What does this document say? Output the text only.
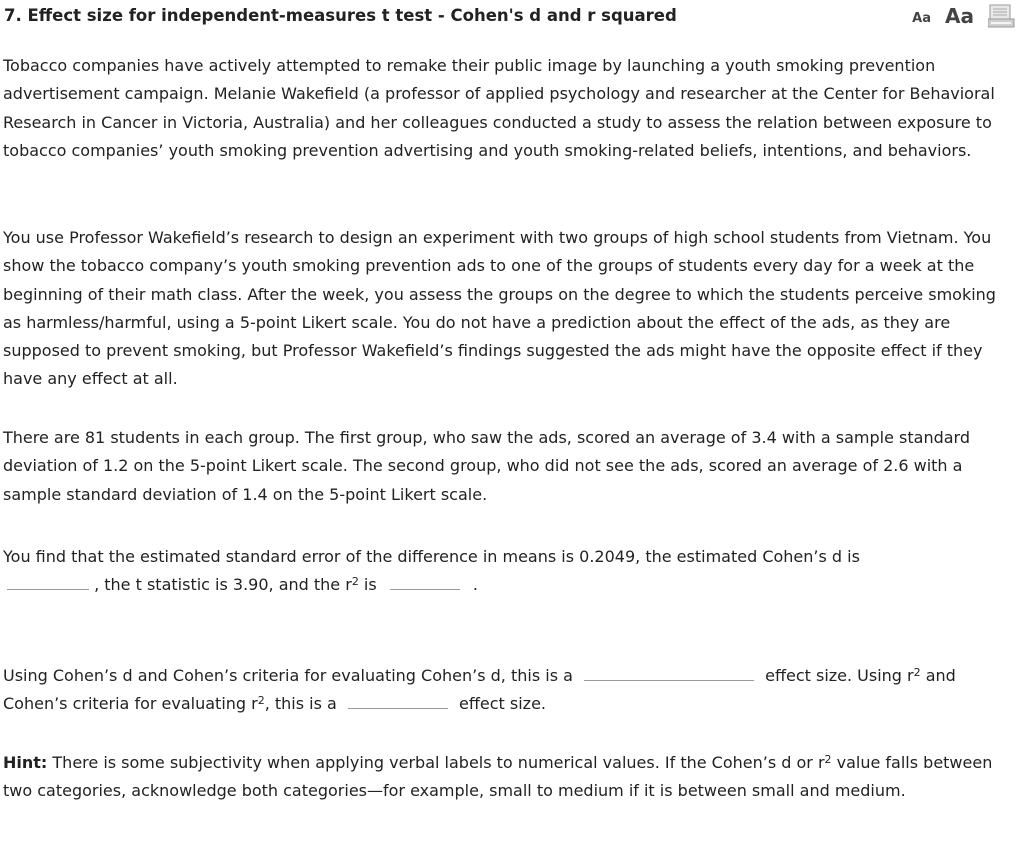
7. Effect size for independent-measures t test - Cohen's d and r squared	Aa Aa

Tobacco companies have actively attempted to remake their public image by launching a youth smoking prevention advertisement campaign. Melanie Wakefield (a professor of applied psychology and researcher at the Center for Behavioral Research in Cancer in Victoria, Australia) and her colleagues conducted a study to assess the relation between exposure to tobacco companies’ youth smoking prevention advertising and youth smoking-related beliefs, intentions, and behaviors.

You use Professor Wakefield’s research to design an experiment with two groups of high school students from Vietnam. You show the tobacco company’s youth smoking prevention ads to one of the groups of students every day for a week at the beginning of their math class. After the week, you assess the groups on the degree to which the students perceive smoking as harmless/harmful, using a 5-point Likert scale. You do not have a prediction about the effect of the ads, as they are supposed to prevent smoking, but Professor Wakefield’s findings suggested the ads might have the opposite effect if they have any effect at all.

There are 81 students in each group. The first group, who saw the ads, scored an average of 3.4 with a sample standard deviation of 1.2 on the 5-point Likert scale. The second group, who did not see the ads, scored an average of 2.6 with a sample standard deviation of 1.4 on the 5-point Likert scale.

You find that the estimated standard error of the difference in means is 0.2049, the estimated Cohen’s d is
, the t statistic is 3.90, and the $r^2$ is	.

Using Cohen’s d and Cohen’s criteria for evaluating Cohen’s d, this is a	effect size. Using $r^2$ and Cohen’s criteria for evaluating $r^2$, this is a	effect size.

Hint: There is some subjectivity when applying verbal labels to numerical values. If the Cohen’s d or $r^2$ value falls between two categories, acknowledge both categories—for example, small to medium if it is between small and medium.
